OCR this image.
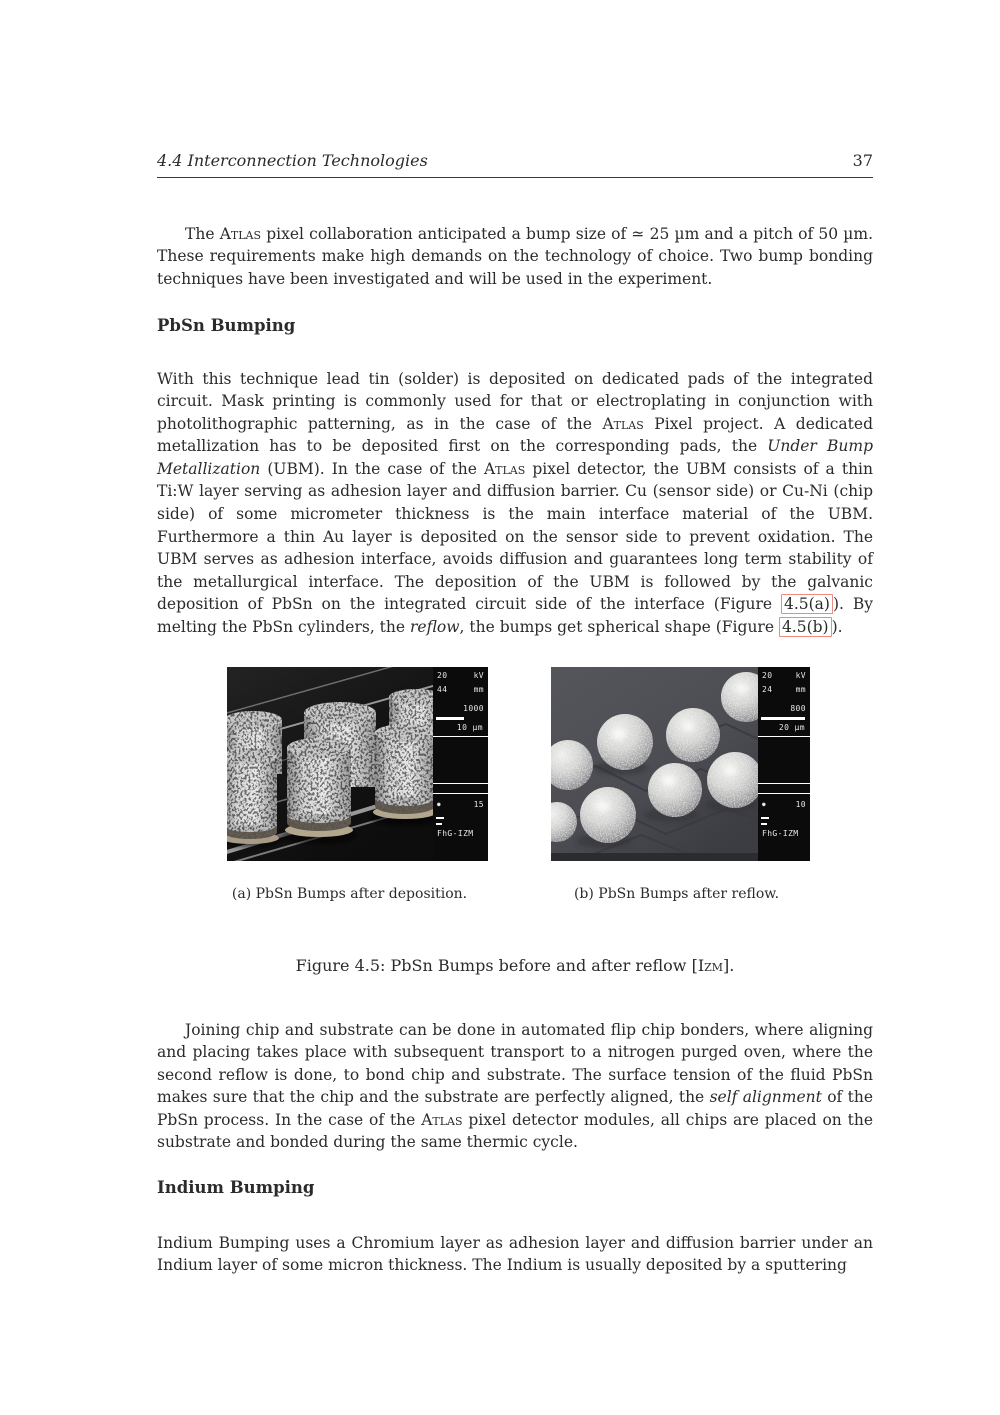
4.4 Interconnection Technologies	37

The Atlas pixel collaboration anticipated a bump size of ≃ 25 µm and a pitch of 50 µm. These requirements make high demands on the technology of choice. Two bump bonding techniques have been investigated and will be used in the experiment.

PbSn Bumping

With this technique lead tin (solder) is deposited on dedicated pads of the integrated circuit. Mask printing is commonly used for that or electroplating in conjunction with photolithographic patterning, as in the case of the Atlas Pixel project. A dedicated metallization has to be deposited first on the corresponding pads, the Under Bump Metallization (UBM). In the case of the Atlas pixel detector, the UBM consists of a thin Ti:W layer serving as adhesion layer and diffusion barrier. Cu (sensor side) or Cu-Ni (chip side) of some micrometer thickness is the main interface material of the UBM. Furthermore a thin Au layer is deposited on the sensor side to prevent oxidation. The UBM serves as adhesion interface, avoids diffusion and guarantees long term stability of the metallurgical interface. The deposition of the UBM is followed by the galvanic deposition of PbSn on the integrated circuit side of the interface (Figure 4.5(a) ). By melting the PbSn cylinders, the reflow, the bumps get spherical shape (Figure 4.5(b) ).

20	kV
44	mm
1000
10 µm
●	15
FhG-IZM
20	kV
24	mm
800
20 µm
●	10
FhG-IZM
(a) PbSn Bumps after deposition.	(b) PbSn Bumps after reflow.
Figure 4.5: PbSn Bumps before and after reflow [Izm].

Joining chip and substrate can be done in automated flip chip bonders, where aligning and placing takes place with subsequent transport to a nitrogen purged oven, where the second reflow is done, to bond chip and substrate. The surface tension of the fluid PbSn makes sure that the chip and the substrate are perfectly aligned, the self alignment of the PbSn process. In the case of the Atlas pixel detector modules, all chips are placed on the substrate and bonded during the same thermic cycle.

Indium Bumping

Indium Bumping uses a Chromium layer as adhesion layer and diffusion barrier under an Indium layer of some micron thickness. The Indium is usually deposited by a sputtering
